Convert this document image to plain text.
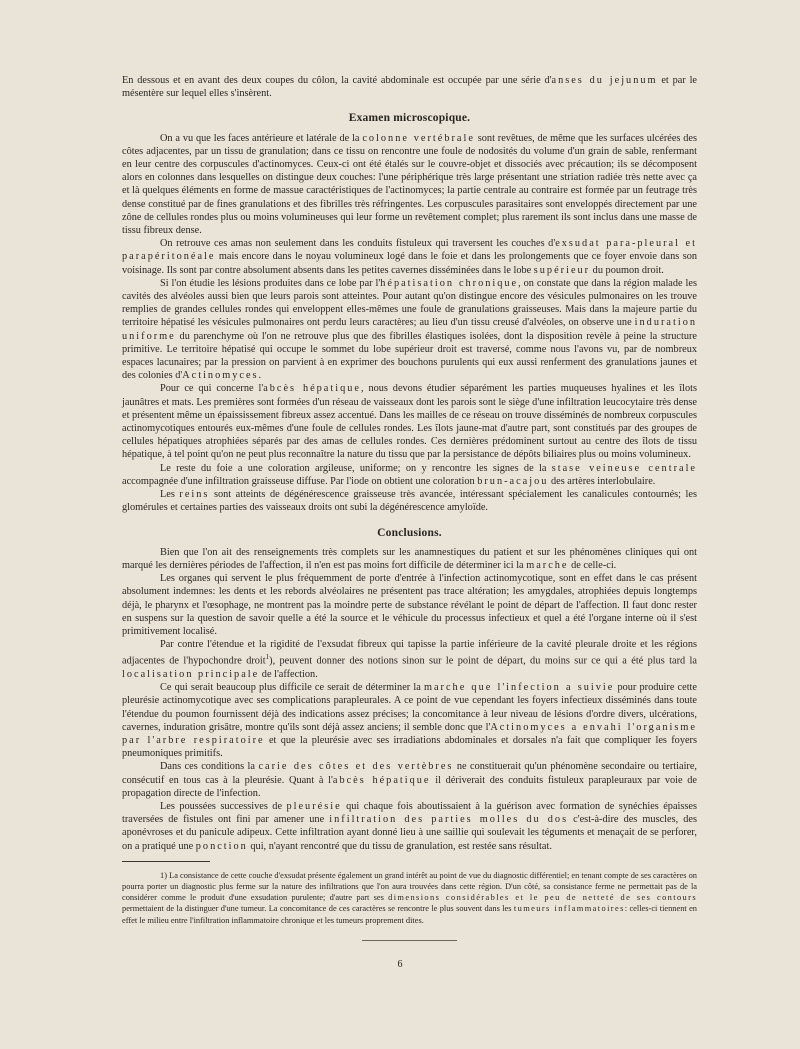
En dessous et en avant des deux coupes du côlon, la cavité abdominale est occupée par une série d'anses du jejunum et par le mésentère sur lequel elles s'insèrent.

Examen microscopique.

On a vu que les faces antérieure et latérale de la colonne vertébrale sont revêtues, de même que les surfaces ulcérées des côtes adjacentes, par un tissu de granulation; dans ce tissu on rencontre une foule de nodosités du volume d'un grain de sable, renfermant en leur centre des corpuscules d'actinomyces. Ceux-ci ont été étalés sur le couvre-objet et dissociés avec précaution; ils se décomposent alors en colonnes dans lesquelles on distingue deux couches: l'une périphérique très large présentant une striation radiée très nette avec ça et là quelques éléments en forme de massue caractéristiques de l'actinomyces; la partie centrale au contraire est formée par un feutrage très dense constitué par de fines granulations et des fibrilles très réfringentes. Les corpuscules parasitaires sont enveloppés directement par une zône de cellules rondes plus ou moins volumineuses qui leur forme un revêtement complet; plus rarement ils sont inclus dans une masse de tissu fibreux dense.

On retrouve ces amas non seulement dans les conduits fistuleux qui traversent les couches d'exsudat para-pleural et parapéritonéale mais encore dans le noyau volumineux logé dans le foie et dans les prolongements que ce foyer envoie dans son voisinage. Ils sont par contre absolument absents dans les petites cavernes disséminées dans le lobe supérieur du poumon droit.

Si l'on étudie les lésions produites dans ce lobe par l'hépatisation chronique, on constate que dans la région malade les cavités des alvéoles aussi bien que leurs parois sont atteintes. Pour autant qu'on distingue encore des vésicules pulmonaires on les trouve remplies de grandes cellules rondes qui enveloppent elles-mêmes une foule de granulations graisseuses. Mais dans la majeure partie du territoire hépatisé les vésicules pulmonaires ont perdu leurs caractères; au lieu d'un tissu creusé d'alvéoles, on observe une induration uniforme du parenchyme où l'on ne retrouve plus que des fibrilles élastiques isolées, dont la disposition revèle à peine la structure primitive. Le territoire hépatisé qui occupe le sommet du lobe supérieur droit est traversé, comme nous l'avons vu, par de nombreux espaces lacunaires; par la pression on parvient à en exprimer des bouchons purulents qui eux aussi renferment des granulations jaunes et des colonies d'Actinomyces.

Pour ce qui concerne l'abcès hépatique, nous devons étudier séparément les parties muqueuses hyalines et les îlots jaunâtres et mats. Les premières sont formées d'un réseau de vaisseaux dont les parois sont le siège d'une infiltration leucocytaire très dense et présentent même un épaississement fibreux assez accentué. Dans les mailles de ce réseau on trouve disséminés de nombreux corpuscules actinomycotiques entourés eux-mêmes d'une foule de cellules rondes. Les îlots jaune-mat d'autre part, sont constitués par des groupes de cellules hépatiques atrophiées séparés par des amas de cellules rondes. Ces dernières prédominent surtout au centre des îlots de tissu hépatique, à tel point qu'on ne peut plus reconnaître la nature du tissu que par la persistance de dépôts biliaires plus ou moins volumineux.

Le reste du foie a une coloration argileuse, uniforme; on y rencontre les signes de la stase veineuse centrale accompagnée d'une infiltration graisseuse diffuse. Par l'iode on obtient une coloration brun-acajou des artères interlobulaire.

Les reins sont atteints de dégénérescence graisseuse très avancée, intéressant spécialement les canalicules contournés; les glomérules et certaines parties des vaisseaux droits ont subi la dégénérescence amyloïde.

Conclusions.

Bien que l'on ait des renseignements très complets sur les anamnestiques du patient et sur les phénomènes cliniques qui ont marqué les dernières périodes de l'affection, il n'en est pas moins fort difficile de déterminer ici la marche de celle-ci.

Les organes qui servent le plus fréquemment de porte d'entrée à l'infection actinomycotique, sont en effet dans le cas présent absolument indemnes: les dents et les rebords alvéolaires ne présentent pas trace altération; les amygdales, atrophiées depuis longtemps déjà, le pharynx et l'œsophage, ne montrent pas la moindre perte de substance révélant le point de départ de l'affection. Il faut donc rester en suspens sur la question de savoir quelle a été la source et le véhicule du processus infectieux et quel a été l'organe interne où il s'est primitivement localisé.

Par contre l'étendue et la rigidité de l'exsudat fibreux qui tapisse la partie inférieure de la cavité pleurale droite et les régions adjacentes de l'hypochondre droit$^1$), peuvent donner des notions sinon sur le point de départ, du moins sur ce qui a été plus tard la localisation principale de l'affection.

Ce qui serait beaucoup plus difficile ce serait de déterminer la marche que l'infection a suivie pour produire cette pleurésie actinomycotique avec ses complications parapleurales. A ce point de vue cependant les foyers infectieux disséminés dans toute l'étendue du poumon fournissent déjà des indications assez précises; la concomitance à leur niveau de lésions d'ordre divers, ulcérations, cavernes, induration grisâtre, montre qu'ils sont déjà assez anciens; il semble donc que l'Actinomyces a envahi l'organisme par l'arbre respiratoire et que la pleurésie avec ses irradiations abdominales et dorsales n'a fait que compliquer les foyers pneumoniques primitifs.

Dans ces conditions la carie des côtes et des vertèbres ne constituerait qu'un phénomène secondaire ou tertiaire, consécutif en tous cas à la pleurésie. Quant à l'abcès hépatique il dériverait des conduits fistuleux parapleuraux par voie de propagation directe de l'infection.

Les poussées successives de pleurésie qui chaque fois aboutissaient à la guérison avec formation de synéchies épaisses traversées de fistules ont fini par amener une infiltration des parties molles du dos c'est-à-dire des muscles, des aponévroses et du panicule adipeux. Cette infiltration ayant donné lieu à une saillie qui soulevait les téguments et menaçait de se perforer, on a pratiqué une ponction qui, n'ayant rencontré que du tissu de granulation, est restée sans résultat.

1) La consistance de cette couche d'exsudat présente également un grand intérêt au point de vue du diagnostic différentiel; en tenant compte de ses caractères on pourra porter un diagnostic plus ferme sur la nature des infiltrations que l'on aura trouvées dans cette région. D'un côté, sa consistance ferme ne permettait pas de la considérer comme le produit d'une exsudation purulente; d'autre part ses dimensions considérables et le peu de netteté de ses contours permettaient de la distinguer d'une tumeur. La concomitance de ces caractères se rencontre le plus souvent dans les tumeurs inflammatoires: celles-ci tiennent en effet le milieu entre l'infiltration inflammatoire chronique et les tumeurs proprement dites.

6
